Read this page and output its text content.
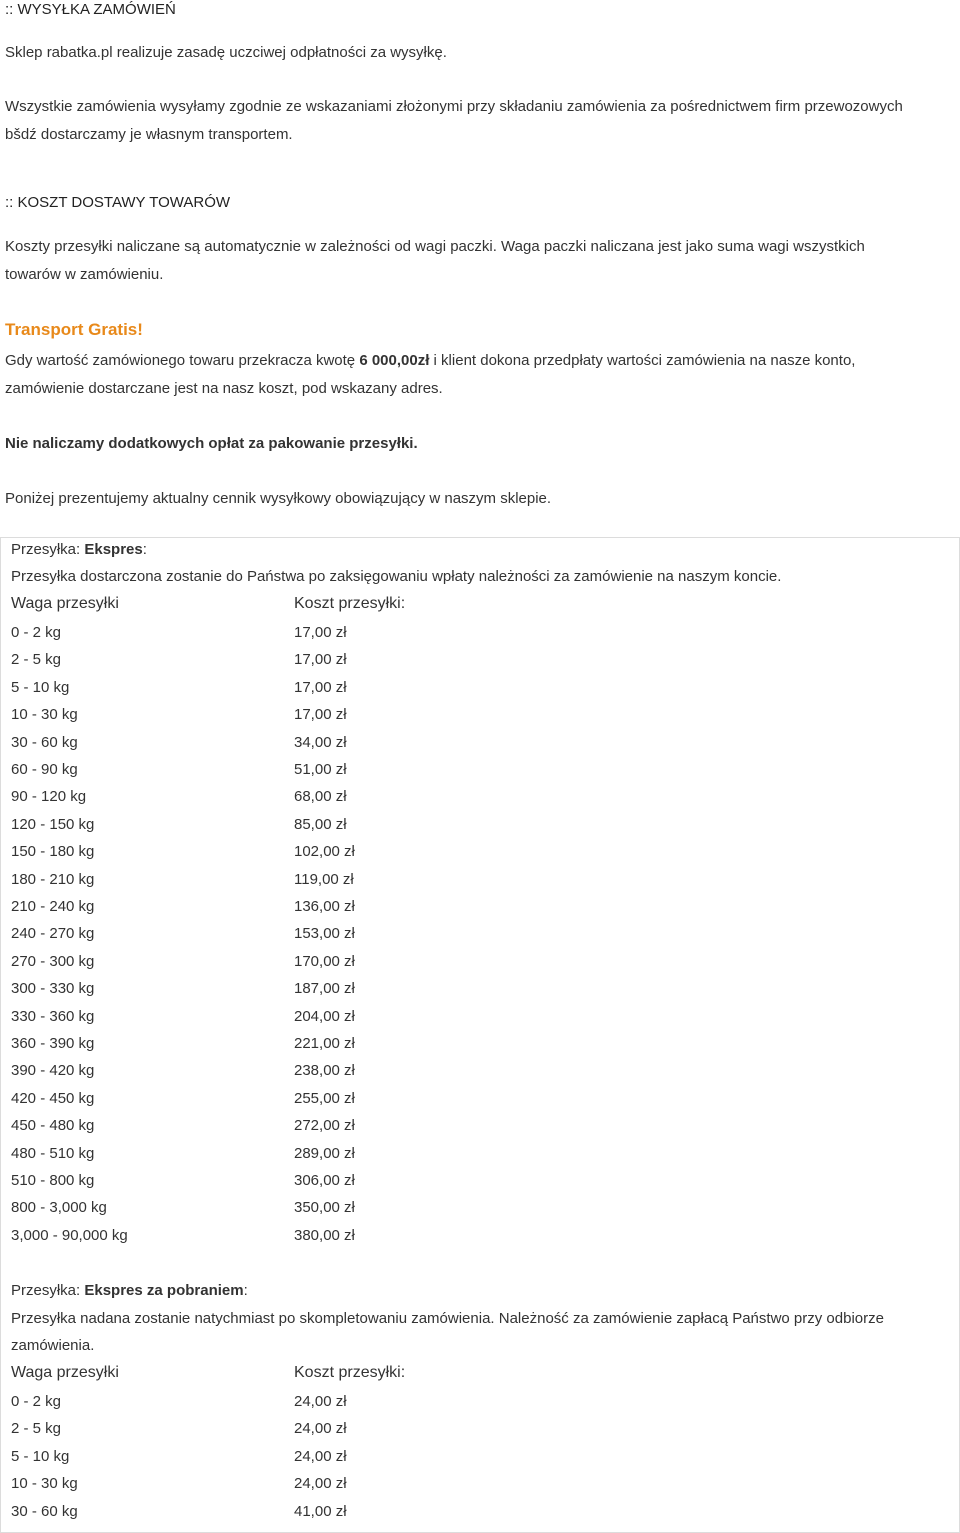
:: WYSYŁKA ZAMÓWIEŃ
Sklep rabatka.pl realizuje zasadę uczciwej odpłatności za wysyłkę.
Wszystkie zamówienia wysyłamy zgodnie ze wskazaniami złożonymi przy składaniu zamówienia za pośrednictwem firm przewozowych
bšdź dostarczamy je własnym transportem.
:: KOSZT DOSTAWY TOWARÓW
Koszty przesyłki naliczane są automatycznie w zależności od wagi paczki. Waga paczki naliczana jest jako suma wagi wszystkich
towarów w zamówieniu.
Transport Gratis!
Gdy wartość zamówionego towaru przekracza kwotę 6 000,00zł i klient dokona przedpłaty wartości zamówienia na nasze konto,
zamówienie dostarczane jest na nasz koszt, pod wskazany adres.
Nie naliczamy dodatkowych opłat za pakowanie przesyłki.
Poniżej prezentujemy aktualny cennik wysyłkowy obowiązujący w naszym sklepie.
Przesyłka: Ekspres:
Przesyłka dostarczona zostanie do Państwa po zaksięgowaniu wpłaty należności za zamówienie na naszym koncie.
Waga przesyłki	Koszt przesyłki:
0 - 2 kg	17,00 zł
2 - 5 kg	17,00 zł
5 - 10 kg	17,00 zł
10 - 30 kg	17,00 zł
30 - 60 kg	34,00 zł
60 - 90 kg	51,00 zł
90 - 120 kg	68,00 zł
120 - 150 kg	85,00 zł
150 - 180 kg	102,00 zł
180 - 210 kg	119,00 zł
210 - 240 kg	136,00 zł
240 - 270 kg	153,00 zł
270 - 300 kg	170,00 zł
300 - 330 kg	187,00 zł
330 - 360 kg	204,00 zł
360 - 390 kg	221,00 zł
390 - 420 kg	238,00 zł
420 - 450 kg	255,00 zł
450 - 480 kg	272,00 zł
480 - 510 kg	289,00 zł
510 - 800 kg	306,00 zł
800 - 3,000 kg	350,00 zł
3,000 - 90,000 kg	380,00 zł
Przesyłka: Ekspres za pobraniem:
Przesyłka nadana zostanie natychmiast po skompletowaniu zamówienia. Należność za zamówienie zapłacą Państwo przy odbiorze
zamówienia.
Waga przesyłki	Koszt przesyłki:
0 - 2 kg	24,00 zł
2 - 5 kg	24,00 zł
5 - 10 kg	24,00 zł
10 - 30 kg	24,00 zł
30 - 60 kg	41,00 zł
